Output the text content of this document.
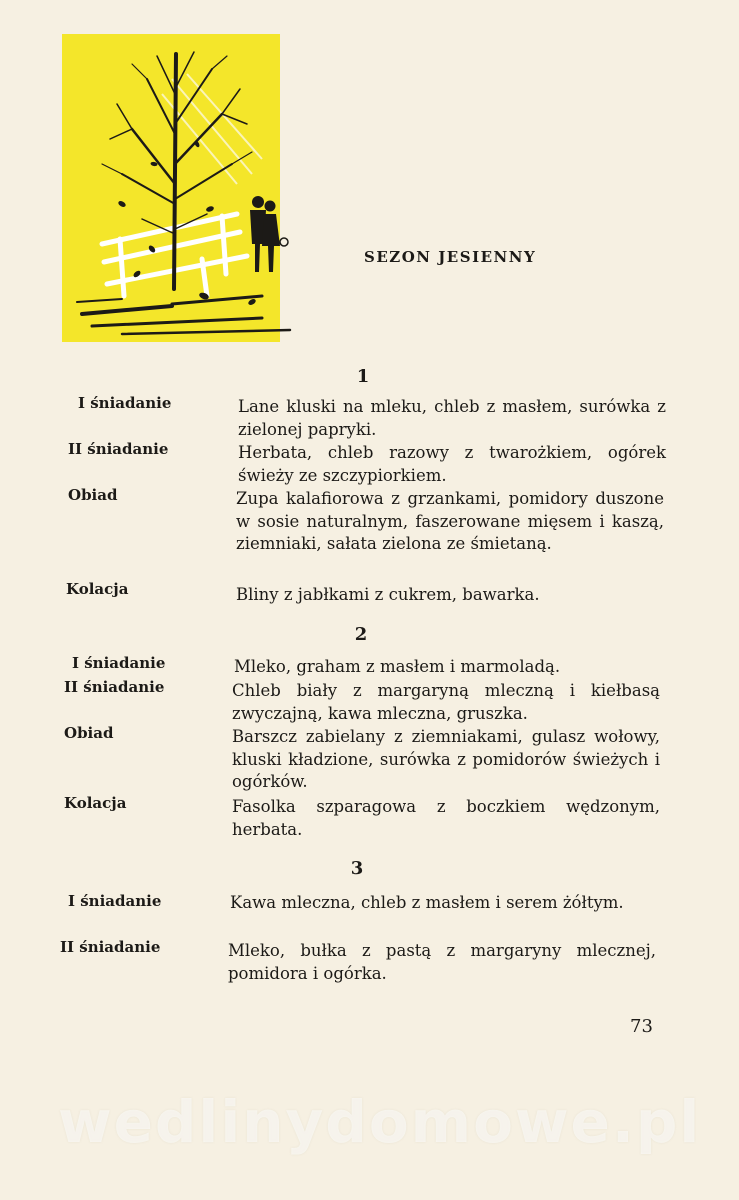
SEZON JESIENNY
1
I śniadanie	Lane kluski na mleku, chleb z masłem, surówka z zielonej papryki.
II śniadanie	Herbata, chleb razowy z twarożkiem, ogórek świeży ze szczypiorkiem.
Obiad	Zupa kalafiorowa z grzankami, pomidory duszone w sosie naturalnym, faszerowane mięsem i kaszą, ziemniaki, sałata zielona ze śmietaną.
Kolacja	Bliny z jabłkami z cukrem, bawarka.
2
I śniadanie	Mleko, graham z masłem i marmoladą.
II śniadanie	Chleb biały z margaryną mleczną i kiełbasą zwyczajną, kawa mleczna, gruszka.
Obiad	Barszcz zabielany z ziemniakami, gulasz wołowy, kluski kładzione, surówka z pomidorów świeżych i ogórków.
Kolacja	Fasolka szparagowa z boczkiem wędzonym, herbata.
3
I śniadanie	Kawa mleczna, chleb z masłem i serem żółtym.
II śniadanie	Mleko, bułka z pastą z margaryny mlecznej, pomidora i ogórka.
73
wedlinydomowe.pl
